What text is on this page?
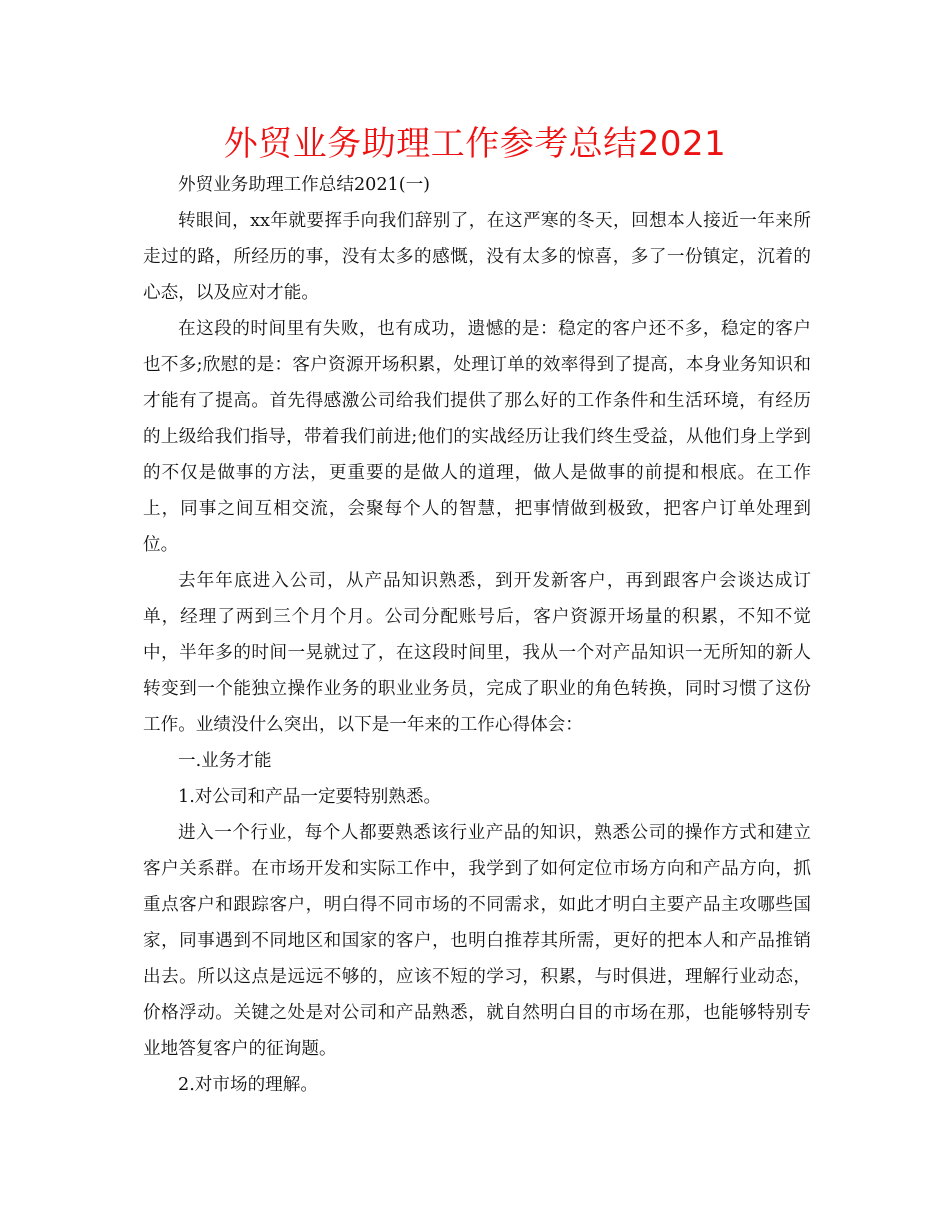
外贸业务助理工作参考总结2021

外贸业务助理工作总结2021(一)

转眼间，xx年就要挥手向我们辞别了，在这严寒的冬天，回想本人接近一年来所走过的路，所经历的事，没有太多的感慨，没有太多的惊喜，多了一份镇定，沉着的心态，以及应对才能。

在这段的时间里有失败，也有成功，遗憾的是：稳定的客户还不多，稳定的客户也不多;欣慰的是：客户资源开场积累，处理订单的效率得到了提高，本身业务知识和才能有了提高。首先得感激公司给我们提供了那么好的工作条件和生活环境，有经历的上级给我们指导，带着我们前进;他们的实战经历让我们终生受益，从他们身上学到的不仅是做事的方法，更重要的是做人的道理，做人是做事的前提和根底。在工作上，同事之间互相交流，会聚每个人的智慧，把事情做到极致，把客户订单处理到位。

去年年底进入公司，从产品知识熟悉，到开发新客户，再到跟客户会谈达成订单，经理了两到三个月个月。公司分配账号后，客户资源开场量的积累，不知不觉中，半年多的时间一晃就过了，在这段时间里，我从一个对产品知识一无所知的新人转变到一个能独立操作业务的职业业务员，完成了职业的角色转换，同时习惯了这份工作。业绩没什么突出，以下是一年来的工作心得体会：

一.业务才能

1.对公司和产品一定要特别熟悉。

进入一个行业，每个人都要熟悉该行业产品的知识，熟悉公司的操作方式和建立客户关系群。在市场开发和实际工作中，我学到了如何定位市场方向和产品方向，抓重点客户和跟踪客户，明白得不同市场的不同需求，如此才明白主要产品主攻哪些国家，同事遇到不同地区和国家的客户，也明白推荐其所需，更好的把本人和产品推销出去。所以这点是远远不够的，应该不短的学习，积累，与时俱进，理解行业动态，价格浮动。关键之处是对公司和产品熟悉，就自然明白目的市场在那，也能够特别专业地答复客户的征询题。

2.对市场的理解。
